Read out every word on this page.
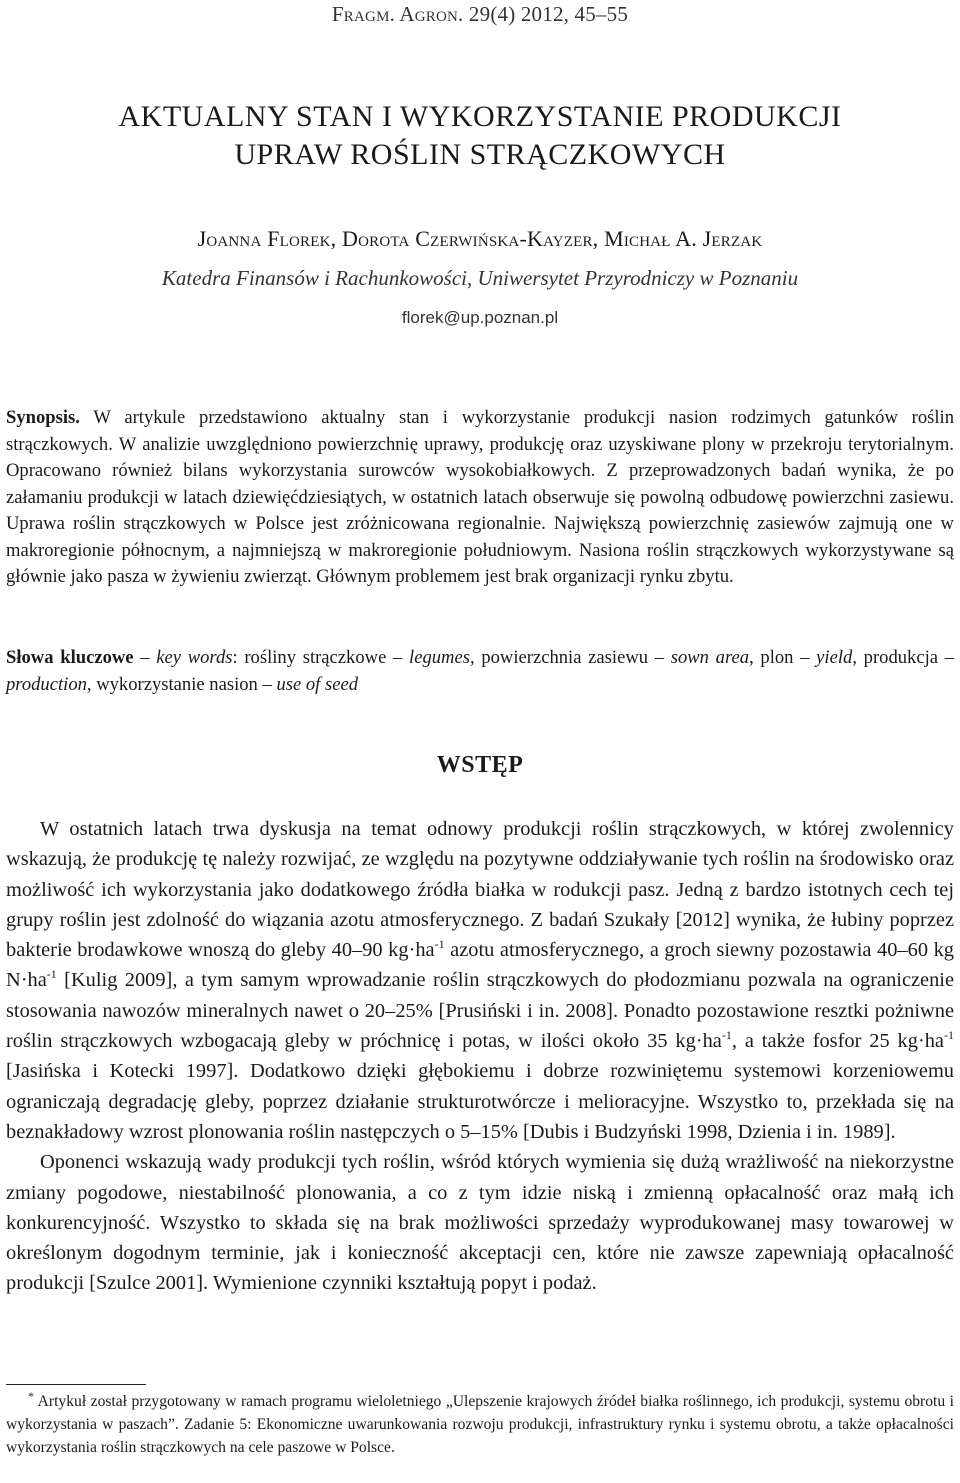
Fragm. Agron. 29(4) 2012, 45–55
AKTUALNY STAN I WYKORZYSTANIE PRODUKCJI
UPRAW ROŚLIN STRĄCZKOWYCH
Joanna Florek, Dorota Czerwińska-Kayzer, Michał A. Jerzak
Katedra Finansów i Rachunkowości, Uniwersytet Przyrodniczy w Poznaniu
florek@up.poznan.pl

Synopsis. W artykule przedstawiono aktualny stan i wykorzystanie produkcji nasion rodzimych gatunków roślin strączkowych. W analizie uwzględniono powierzchnię uprawy, produkcję oraz uzyskiwane plony w przekroju terytorialnym. Opracowano również bilans wykorzystania surowców wysokobiałkowych. Z przeprowadzonych badań wynika, że po załamaniu produkcji w latach dziewięćdziesiątych, w ostatnich latach obserwuje się powolną odbudowę powierzchni zasiewu. Uprawa roślin strączkowych w Polsce jest zróżnicowana regionalnie. Największą powierzchnię zasiewów zajmują one w makroregionie północnym, a najmniejszą w makroregionie południowym. Nasiona roślin strączkowych wykorzystywane są głównie jako pasza w żywieniu zwierząt. Głównym problemem jest brak organizacji rynku zbytu.

Słowa kluczowe – key words: rośliny strączkowe – legumes, powierzchnia zasiewu – sown area, plon – yield, produkcja – production, wykorzystanie nasion – use of seed

WSTĘP

W ostatnich latach trwa dyskusja na temat odnowy produkcji roślin strączkowych, w której zwolennicy wskazują, że produkcję tę należy rozwijać, ze względu na pozytywne oddziaływanie tych roślin na środowisko oraz możliwość ich wykorzystania jako dodatkowego źródła białka w rodukcji pasz. Jedną z bardzo istotnych cech tej grupy roślin jest zdolność do wiązania azotu atmosferycznego. Z badań Szukały [2012] wynika, że łubiny poprzez bakterie brodawkowe wnoszą do gleby 40–90 $kg\cdot ha^{-1}$ azotu atmosferycznego, a groch siewny pozostawia 40–60 kg $N\cdot ha^{-1}$ [Kulig 2009], a tym samym wprowadzanie roślin strączkowych do płodozmianu pozwala na ograniczenie stosowania nawozów mineralnych nawet o 20–25% [Prusiński i in. 2008]. Ponadto pozostawione resztki pożniwne roślin strączkowych wzbogacają gleby w próchnicę i potas, w ilości około 35 $kg\cdot ha^{-1}$, a także fosfor 25 $kg\cdot ha^{-1}$ [Jasińska i Kotecki 1997]. Dodatkowo dzięki głębokiemu i dobrze rozwiniętemu systemowi korzeniowemu ograniczają degradację gleby, poprzez działanie strukturotwórcze i melioracyjne. Wszystko to, przekłada się na beznakładowy wzrost plonowania roślin następczych o 5–15% [Dubis i Budzyński 1998, Dzienia i in. 1989].

Oponenci wskazują wady produkcji tych roślin, wśród których wymienia się dużą wrażliwość na niekorzystne zmiany pogodowe, niestabilność plonowania, a co z tym idzie niską i zmienną opłacalność oraz małą ich konkurencyjność. Wszystko to składa się na brak możliwości sprzedaży wyprodukowanej masy towarowej w określonym dogodnym terminie, jak i konieczność akceptacji cen, które nie zawsze zapewniają opłacalność produkcji [Szulce 2001]. Wymienione czynniki kształtują popyt i podaż.

* Artykuł został przygotowany w ramach programu wieloletniego „Ulepszenie krajowych źródeł białka roślinnego, ich produkcji, systemu obrotu i wykorzystania w paszach”. Zadanie 5: Ekonomiczne uwarunkowania rozwoju produkcji, infrastruktury rynku i systemu obrotu, a także opłacalności wykorzystania roślin strączkowych na cele paszowe w Polsce.
